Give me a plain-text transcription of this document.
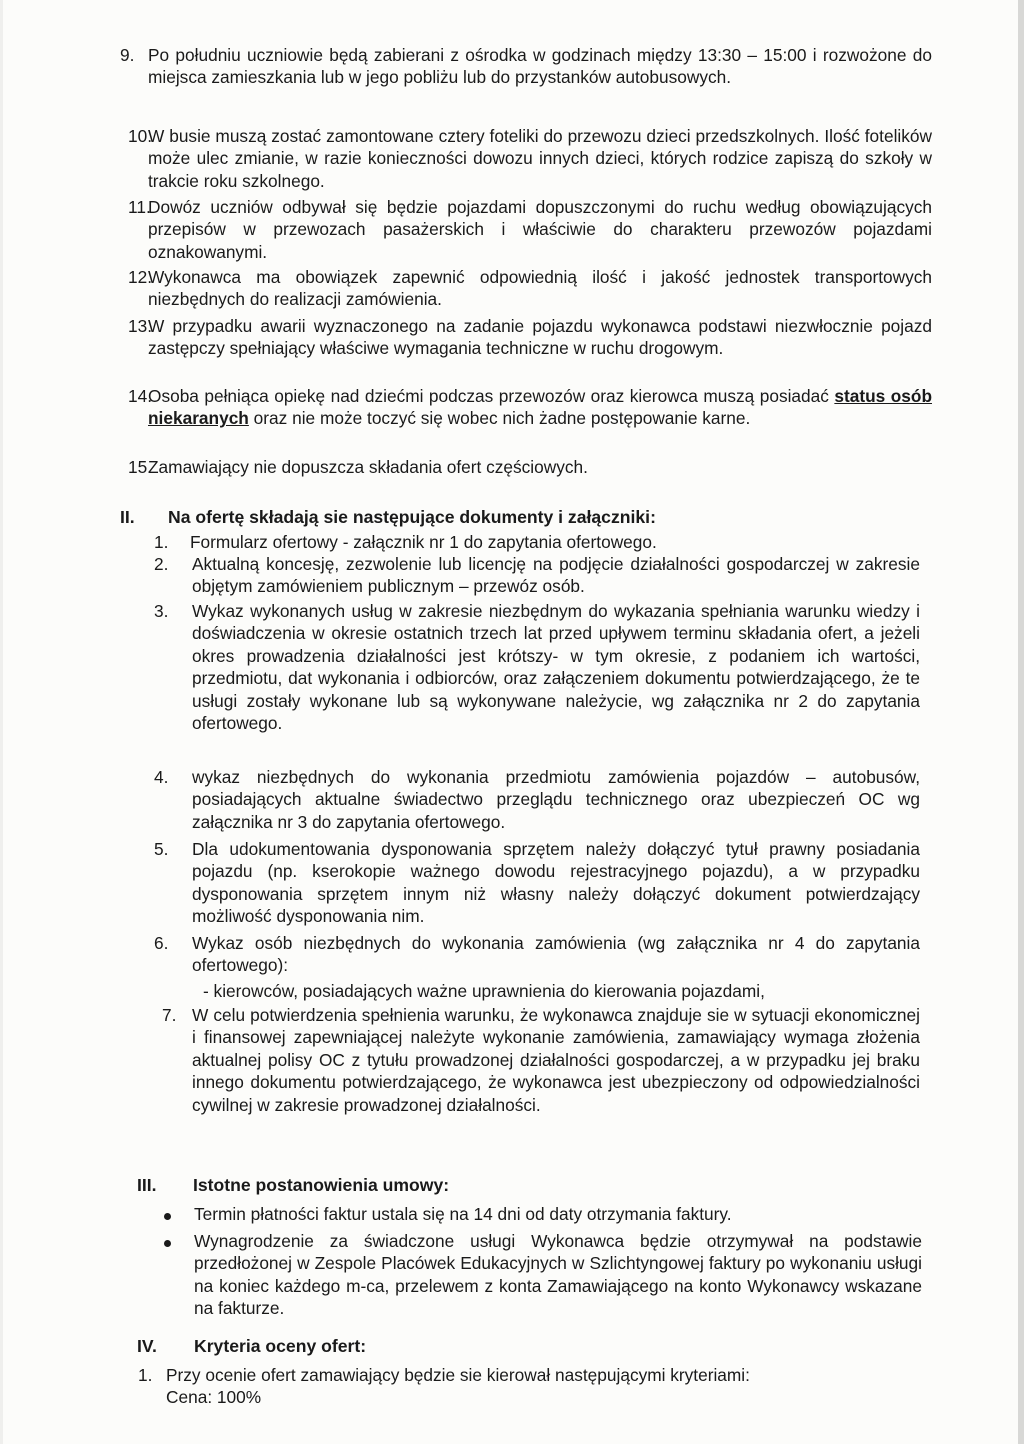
9. Po południu uczniowie będą zabierani z ośrodka w godzinach między 13:30 – 15:00 i rozwożone do miejsca zamieszkania lub w jego pobliżu lub do przystanków autobusowych.
10.
W busie muszą zostać zamontowane cztery foteliki do przewozu dzieci przedszkolnych. Ilość fotelików może ulec zmianie, w razie konieczności dowozu innych dzieci, których rodzice zapiszą do szkoły w trakcie roku szkolnego.
11.
Dowóz uczniów odbywał się będzie pojazdami dopuszczonymi do ruchu według obowiązujących przepisów w przewozach pasażerskich i właściwie do charakteru przewozów pojazdami oznakowanymi.
12.
Wykonawca ma obowiązek zapewnić odpowiednią ilość i jakość jednostek transportowych niezbędnych do realizacji zamówienia.
13.
W przypadku awarii wyznaczonego na zadanie pojazdu wykonawca podstawi niezwłocznie pojazd zastępczy spełniający właściwe wymagania techniczne w ruchu drogowym.
14.
Osoba pełniąca opiekę nad dziećmi podczas przewozów oraz kierowca muszą posiadać status osób niekaranych oraz nie może toczyć się wobec nich żadne postępowanie karne.
15.
Zamawiający nie dopuszcza składania ofert częściowych.
II. Na ofertę składają sie następujące dokumenty i załączniki:
1. Formularz ofertowy - załącznik nr 1 do zapytania ofertowego.
2. Aktualną koncesję, zezwolenie lub licencję na podjęcie działalności gospodarczej w zakresie objętym zamówieniem publicznym – przewóz osób.
3. Wykaz wykonanych usług w zakresie niezbędnym do wykazania spełniania warunku wiedzy i doświadczenia w okresie ostatnich trzech lat przed upływem terminu składania ofert, a jeżeli okres prowadzenia działalności jest krótszy- w tym okresie, z podaniem ich wartości, przedmiotu, dat wykonania i odbiorców, oraz załączeniem dokumentu potwierdzającego, że te usługi zostały wykonane lub są wykonywane należycie, wg załącznika nr 2 do zapytania ofertowego.
4. wykaz niezbędnych do wykonania przedmiotu zamówienia pojazdów – autobusów, posiadających aktualne świadectwo przeglądu technicznego oraz ubezpieczeń OC wg załącznika nr 3 do zapytania ofertowego.
5. Dla udokumentowania dysponowania sprzętem należy dołączyć tytuł prawny posiadania pojazdu (np. kserokopie ważnego dowodu rejestracyjnego pojazdu), a w przypadku dysponowania sprzętem innym niż własny należy dołączyć dokument potwierdzający możliwość dysponowania nim.
6. Wykaz osób niezbędnych do wykonania zamówienia (wg załącznika nr 4 do zapytania ofertowego):
- kierowców, posiadających ważne uprawnienia do kierowania pojazdami,
7. W celu potwierdzenia spełnienia warunku, że wykonawca znajduje sie w sytuacji ekonomicznej i finansowej zapewniającej należyte wykonanie zamówienia, zamawiający wymaga złożenia aktualnej polisy OC z tytułu prowadzonej działalności gospodarczej, a w przypadku jej braku innego dokumentu potwierdzającego, że wykonawca jest ubezpieczony od odpowiedzialności cywilnej w zakresie prowadzonej działalności.
III. Istotne postanowienia umowy:
Termin płatności faktur ustala się na 14 dni od daty otrzymania faktury.
Wynagrodzenie za świadczone usługi Wykonawca będzie otrzymywał na podstawie przedłożonej w Zespole Placówek Edukacyjnych w Szlichtyngowej faktury po wykonaniu usługi na koniec każdego m-ca, przelewem z konta Zamawiającego na konto Wykonawcy wskazane na fakturze.
IV. Kryteria oceny ofert:
1. Przy ocenie ofert zamawiający będzie sie kierował następującymi kryteriami:
Cena: 100%
